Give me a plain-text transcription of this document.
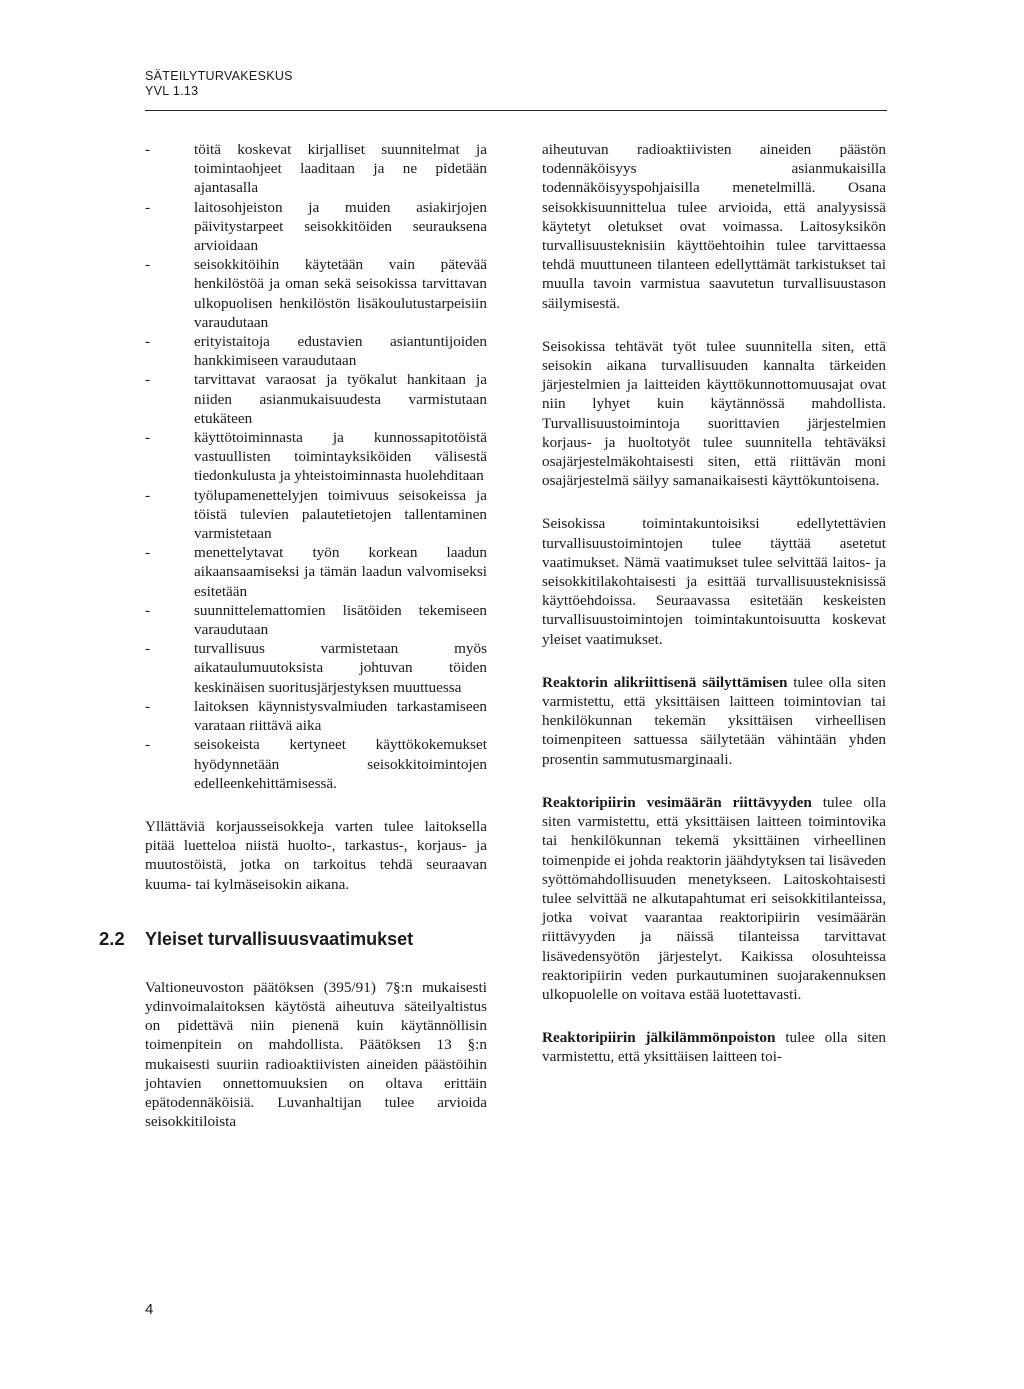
SÄTEILYTURVAKESKUS
YVL 1.13
-	töitä koskevat kirjalliset suunnitelmat ja toimintaohjeet laaditaan ja ne pidetään ajantasalla
-	laitosohjeiston ja muiden asiakirjojen päivitystarpeet seisokkitöiden seurauksena arvioidaan
-	seisokkitöihin käytetään vain pätevää henkilöstöä ja oman sekä seisokissa tarvittavan ulkopuolisen henkilöstön lisäkoulutustarpeisiin varaudutaan
-	erityistaitoja edustavien asiantuntijoiden hankkimiseen varaudutaan
-	tarvittavat varaosat ja työkalut hankitaan ja niiden asianmukaisuudesta varmistutaan etukäteen
-	käyttötoiminnasta ja kunnossapitotöistä vastuullisten toimintayksiköiden välisestä tiedonkulusta ja yhteistoiminnasta huolehditaan
-	työlupamenettelyjen toimivuus seisokeissa ja töistä tulevien palautetietojen tallentaminen varmistetaan
-	menettelytavat työn korkean laadun aikaansaamiseksi ja tämän laadun valvomiseksi esitetään
-	suunnittelemattomien lisätöiden tekemiseen varaudutaan
-	turvallisuus varmistetaan myös aikataulumuutoksista johtuvan töiden keskinäisen suoritusjärjestyksen muuttuessa
-	laitoksen käynnistysvalmiuden tarkastamiseen varataan riittävä aika
-	seisokeista kertyneet käyttökokemukset hyödynnetään seisokkitoimintojen edelleenkehittämisessä.

Yllättäviä korjausseisokkeja varten tulee laitoksella pitää luetteloa niistä huolto-, tarkastus-, korjaus- ja muutostöistä, jotka on tarkoitus tehdä seuraavan kuuma- tai kylmäseisokin aikana.

2.2 Yleiset turvallisuusvaatimukset

Valtioneuvoston päätöksen (395/91) 7§:n mukaisesti ydinvoimalaitoksen käytöstä aiheutuva säteilyaltistus on pidettävä niin pienenä kuin käytännöllisin toimenpitein on mahdollista. Päätöksen 13 §:n mukaisesti suuriin radioaktiivisten aineiden päästöihin johtavien onnettomuuksien on oltava erittäin epätodennäköisiä. Luvanhaltijan tulee arvioida seisokkitiloista

aiheutuvan radioaktiivisten aineiden päästön todennäköisyys asianmukaisilla todennäköisyyspohjaisilla menetelmillä. Osana seisokkisuunnittelua tulee arvioida, että analyysissä käytetyt oletukset ovat voimassa. Laitosyksikön turvallisuusteknisiin käyttöehtoihin tulee tarvittaessa tehdä muuttuneen tilanteen edellyttämät tarkistukset tai muulla tavoin varmistua saavutetun turvallisuustason säilymisestä.

Seisokissa tehtävät työt tulee suunnitella siten, että seisokin aikana turvallisuuden kannalta tärkeiden järjestelmien ja laitteiden käyttökunnottomuusajat ovat niin lyhyet kuin käytännössä mahdollista. Turvallisuustoimintoja suorittavien järjestelmien korjaus- ja huoltotyöt tulee suunnitella tehtäväksi osajärjestelmäkohtaisesti siten, että riittävän moni osajärjestelmä säilyy samanaikaisesti käyttökuntoisena.

Seisokissa toimintakuntoisiksi edellytettävien turvallisuustoimintojen tulee täyttää asetetut vaatimukset. Nämä vaatimukset tulee selvittää laitos- ja seisokkitilakohtaisesti ja esittää turvallisuusteknisissä käyttöehdoissa. Seuraavassa esitetään keskeisten turvallisuustoimintojen toimintakuntoisuutta koskevat yleiset vaatimukset.

Reaktorin alikriittisenä säilyttämisen tulee olla siten varmistettu, että yksittäisen laitteen toimintovian tai henkilökunnan tekemän yksittäisen virheellisen toimenpiteen sattuessa säilytetään vähintään yhden prosentin sammutusmarginaali.

Reaktoripiirin vesimäärän riittävyyden tulee olla siten varmistettu, että yksittäisen laitteen toimintovika tai henkilökunnan tekemä yksittäinen virheellinen toimenpide ei johda reaktorin jäähdytyksen tai lisäveden syöttömahdollisuuden menetykseen. Laitoskohtaisesti tulee selvittää ne alkutapahtumat eri seisokkitilanteissa, jotka voivat vaarantaa reaktoripiirin vesimäärän riittävyyden ja näissä tilanteissa tarvittavat lisävedensyötön järjestelyt. Kaikissa olosuhteissa reaktoripiirin veden purkautuminen suojarakennuksen ulkopuolelle on voitava estää luotettavasti.

Reaktoripiirin jälkilämmönpoiston tulee olla siten varmistettu, että yksittäisen laitteen toi-

4
